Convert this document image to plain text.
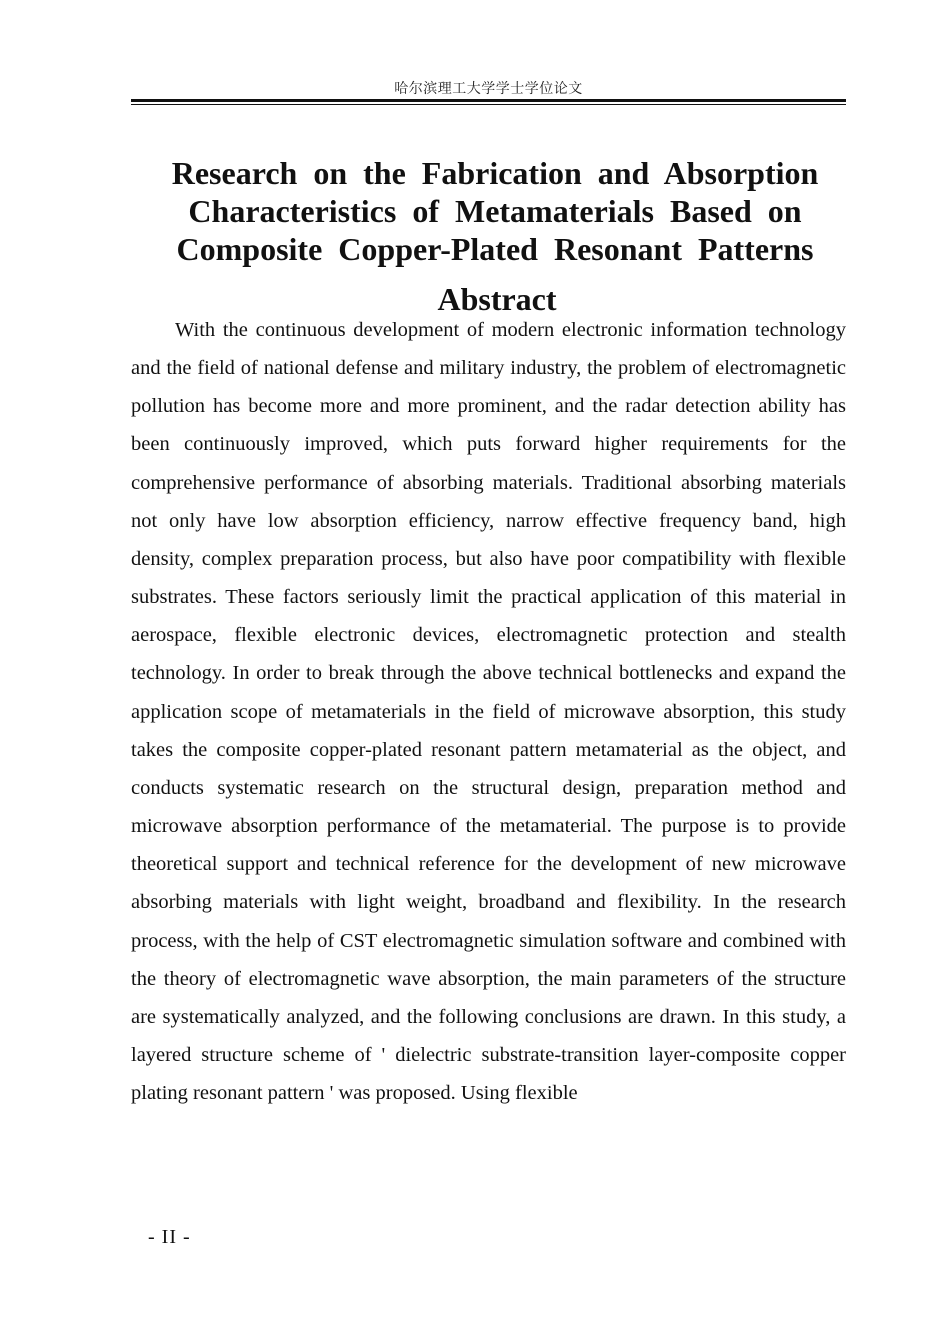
哈尔滨理工大学学士学位论文
Research on the Fabrication and Absorption Characteristics of Metamaterials Based on Composite Copper-Plated Resonant Patterns
Abstract

With the continuous development of modern electronic information technology and the field of national defense and military industry, the problem of electromagnetic pollution has become more and more prominent, and the radar detection ability has been continuously improved, which puts forward higher requirements for the comprehensive performance of absorbing materials. Traditional absorbing materials not only have low absorption efficiency, narrow effective frequency band, high density, complex preparation process, but also have poor compatibility with flexible substrates. These factors seriously limit the practical application of this material in aerospace, flexible electronic devices, electromagnetic protection and stealth technology. In order to break through the above technical bottlenecks and expand the application scope of metamaterials in the field of microwave absorption, this study takes the composite copper-plated resonant pattern metamaterial as the object, and conducts systematic research on the structural design, preparation method and microwave absorption performance of the metamaterial. The purpose is to provide theoretical support and technical reference for the development of new microwave absorbing materials with light weight, broadband and flexibility. In the research process, with the help of CST electromagnetic simulation software and combined with the theory of electromagnetic wave absorption, the main parameters of the structure are systematically analyzed, and the following conclusions are drawn. In this study, a layered structure scheme of ' dielectric substrate-transition layer-composite copper plating resonant pattern ' was proposed. Using flexible

- II -
